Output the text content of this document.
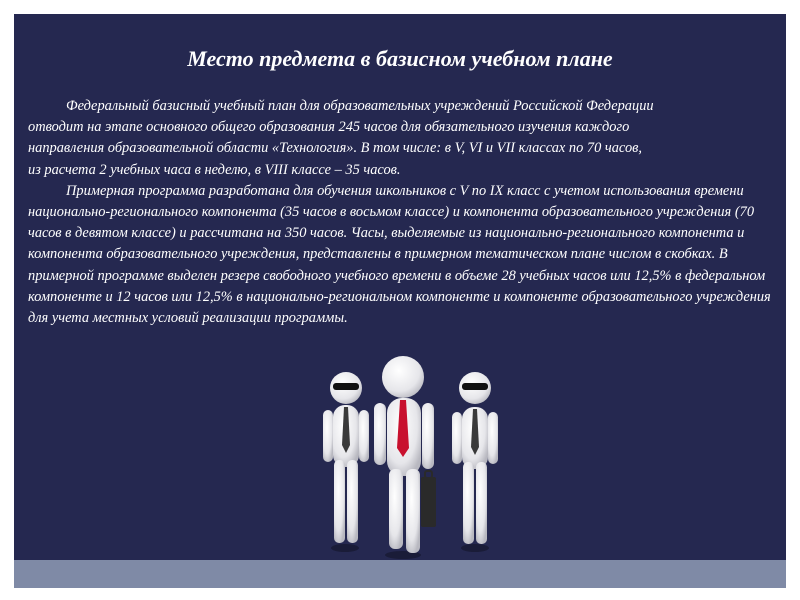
Место предмета в базисном учебном плане

Федеральный базисный учебный план для образовательных учреждений Российской Федерации
отводит на этапе основного общего образования 245 часов для обязательного изучения каждого
направления образовательной области «Технология». В том числе: в V, VI и VII классах по 70 часов,
из расчета 2 учебных часа в неделю, в VIII классе – 35 часов.

Примерная программа разработана для обучения школьников с V по IX класс с учетом использования времени национально-регионального компонента (35 часов в восьмом классе) и компонента образовательного учреждения (70 часов в девятом классе) и рассчитана на 350 часов. Часы, выделяемые из национально-регионального компонента и компонента образовательного учреждения, представлены в примерном тематическом плане числом в скобках. В примерной программе выделен резерв свободного учебного времени в объеме 28 учебных часов или 12,5% в федеральном компоненте и 12 часов или 12,5% в национально-региональном компоненте и компоненте образовательного учреждения для учета местных условий реализации программы.
